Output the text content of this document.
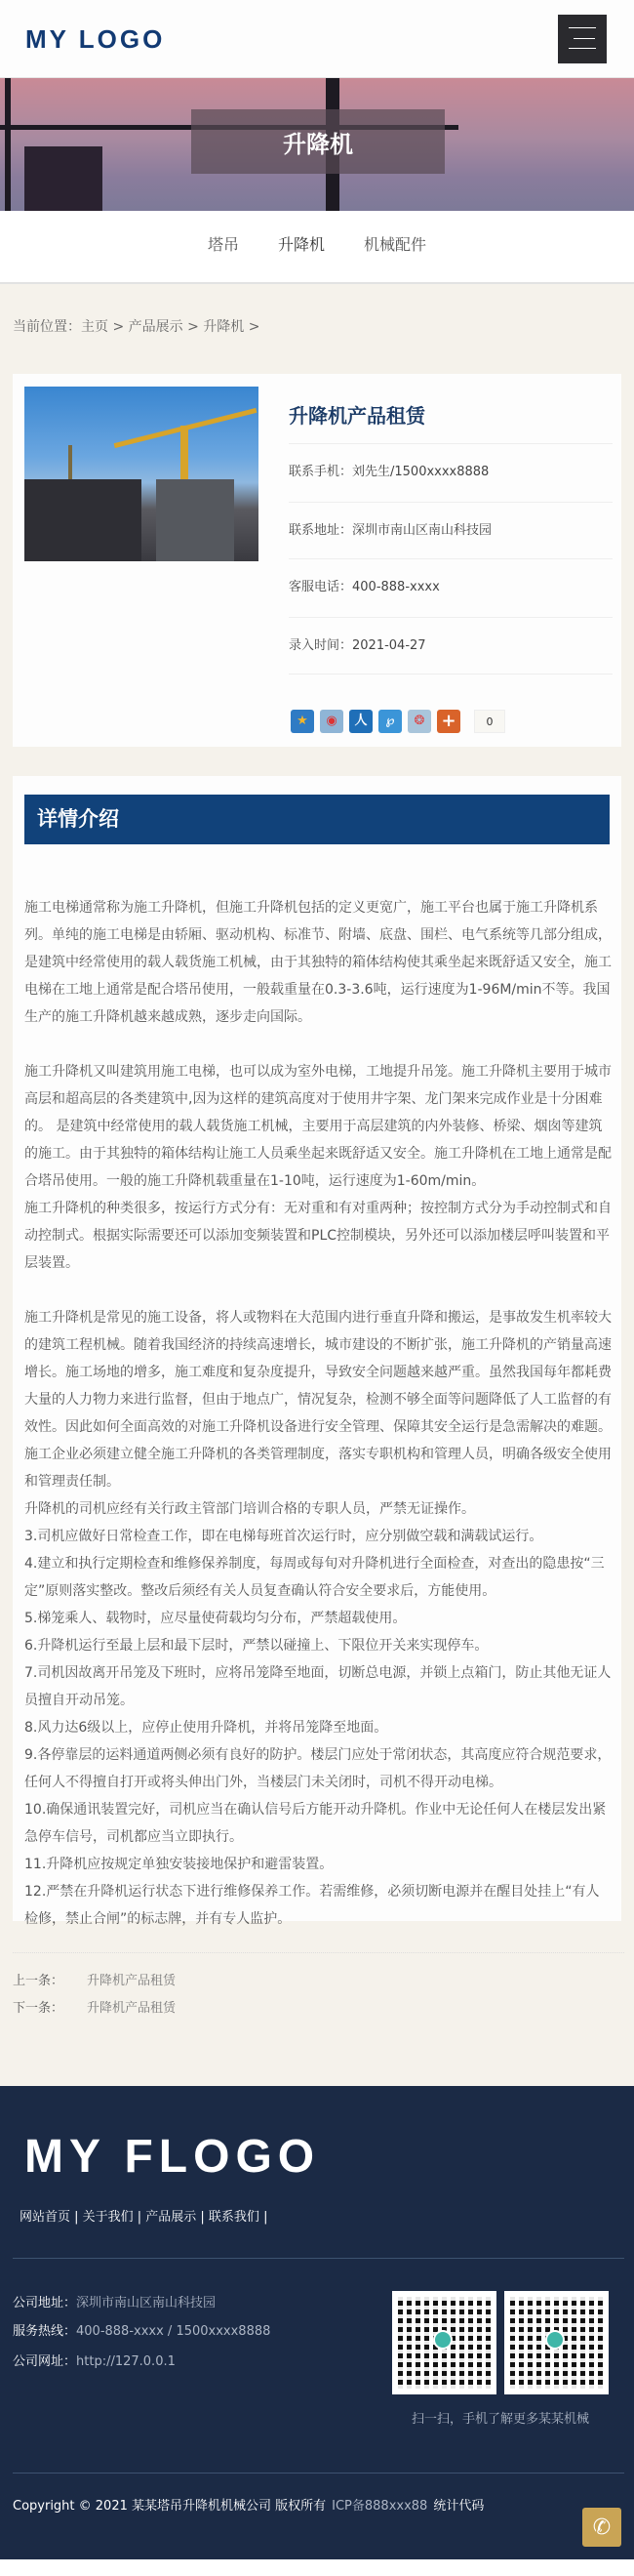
MY LOGO
升降机
塔吊 升降机 机械配件
当前位置：主页 > 产品展示 > 升降机 >
升降机产品租赁
联系手机：刘先生/1500xxxx8888
联系地址：深圳市南山区南山科技园
客服电话：400-888-xxxx
录入时间：2021-04-27
★	◉	人	℘	❂ +	0
详情介绍

施工电梯通常称为施工升降机，但施工升降机包括的定义更宽广，施工平台也属于施工升降机系列。单纯的施工电梯是由轿厢、驱动机构、标准节、附墙、底盘、围栏、电气系统等几部分组成，是建筑中经常使用的载人载货施工机械，由于其独特的箱体结构使其乘坐起来既舒适又安全，施工电梯在工地上通常是配合塔吊使用，一般载重量在0.3-3.6吨，运行速度为1-96M/min不等。我国生产的施工升降机越来越成熟，逐步走向国际。

施工升降机又叫建筑用施工电梯，也可以成为室外电梯，工地提升吊笼。施工升降机主要用于城市高层和超高层的各类建筑中,因为这样的建筑高度对于使用井字架、龙门架来完成作业是十分困难的。 是建筑中经常使用的载人载货施工机械，主要用于高层建筑的内外装修、桥梁、烟囱等建筑的施工。由于其独特的箱体结构让施工人员乘坐起来既舒适又安全。施工升降机在工地上通常是配合塔吊使用。一般的施工升降机载重量在1-10吨，运行速度为1-60m/min。

施工升降机的种类很多，按运行方式分有：无对重和有对重两种；按控制方式分为手动控制式和自动控制式。根据实际需要还可以添加变频装置和PLC控制模块，另外还可以添加楼层呼叫装置和平层装置。

施工升降机是常见的施工设备，将人或物料在大范围内进行垂直升降和搬运，是事故发生机率较大的建筑工程机械。随着我国经济的持续高速增长，城市建设的不断扩张，施工升降机的产销量高速增长。施工场地的增多，施工难度和复杂度提升，导致安全问题越来越严重。虽然我国每年都耗费大量的人力物力来进行监督，但由于地点广，情况复杂，检测不够全面等问题降低了人工监督的有效性。因此如何全面高效的对施工升降机设备进行安全管理、保障其安全运行是急需解决的难题。

施工企业必须建立健全施工升降机的各类管理制度，落实专职机构和管理人员，明确各级安全使用和管理责任制。

升降机的司机应经有关行政主管部门培训合格的专职人员，严禁无证操作。

3.司机应做好日常检查工作，即在电梯每班首次运行时，应分别做空载和满载试运行。

4.建立和执行定期检查和维修保养制度，每周或每旬对升降机进行全面检查，对查出的隐患按“三定”原则落实整改。整改后须经有关人员复查确认符合安全要求后，方能使用。

5.梯笼乘人、载物时，应尽量使荷载均匀分布，严禁超载使用。

6.升降机运行至最上层和最下层时，严禁以碰撞上、下限位开关来实现停车。

7.司机因故离开吊笼及下班时，应将吊笼降至地面，切断总电源，并锁上点箱门，防止其他无证人员擅自开动吊笼。

8.风力达6级以上，应停止使用升降机，并将吊笼降至地面。

9.各停靠层的运料通道两侧必须有良好的防护。楼层门应处于常闭状态，其高度应符合规范要求，任何人不得擅自打开或将头伸出门外，当楼层门未关闭时，司机不得开动电梯。

10.确保通讯装置完好，司机应当在确认信号后方能开动升降机。作业中无论任何人在楼层发出紧急停车信号，司机都应当立即执行。

11.升降机应按规定单独安装接地保护和避雷装置。

12.严禁在升降机运行状态下进行维修保养工作。若需维修，必须切断电源并在醒目处挂上“有人检修，禁止合闸”的标志牌，并有专人监护。

上一条： 升降机产品租赁
下一条： 升降机产品租赁
MY FLOGO
网站首页 | 关于我们 | 产品展示 | 联系我们 |
公司地址：深圳市南山区南山科技园
服务热线：400-888-xxxx / 1500xxxx8888
公司网址：http://127.0.0.1
扫一扫，手机了解更多某某机械
Copyright © 2021 某某塔吊升降机机械公司 版权所有 ICP备888xxx88 统计代码
✆
